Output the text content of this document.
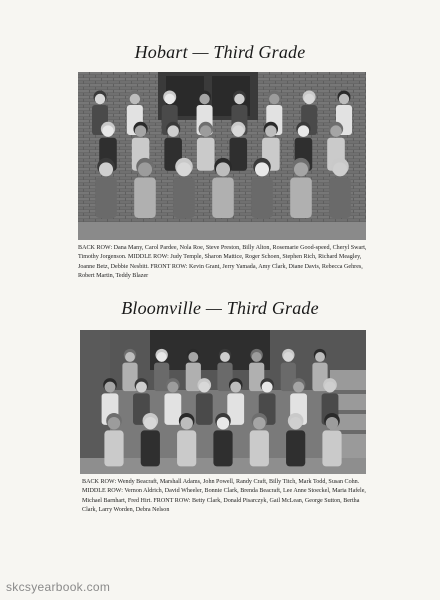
Hobart — Third Grade
BACK ROW: Dana Many, Carol Pardee, Nola Roe, Steve Preston, Billy Alton, Rosemarie Good-speed, Cheryl Swart, Timothy Jorgenson. MIDDLE ROW: Judy Temple, Sharon Mattice, Roger Schoen, Stephen Rich, Richard Meagley, Joanne Betz, Debbie Nesbitt. FRONT ROW: Kevin Grant, Jerry Yamada, Amy Clark, Diane Davis, Rebecca Gehres, Robert Martin, Teddy Blazer
Bloomville — Third Grade
BACK ROW: Wendy Beacraft, Marshall Adams, John Powell, Randy Craft, Billy Titch, Mark Todd, Susan Cohn. MIDDLE ROW: Vernon Aldrich, David Wheeler, Bonnie Clark, Brenda Beacraft, Lee Anne Stoeckel, Maria Hafele, Michael Barnhart, Fred Hirt. FRONT ROW: Betty Clark, Donald Pisarczyk, Gail McLean, George Sutton, Bertha Clark, Larry Worden, Debra Nelson
skcsyearbook.com
